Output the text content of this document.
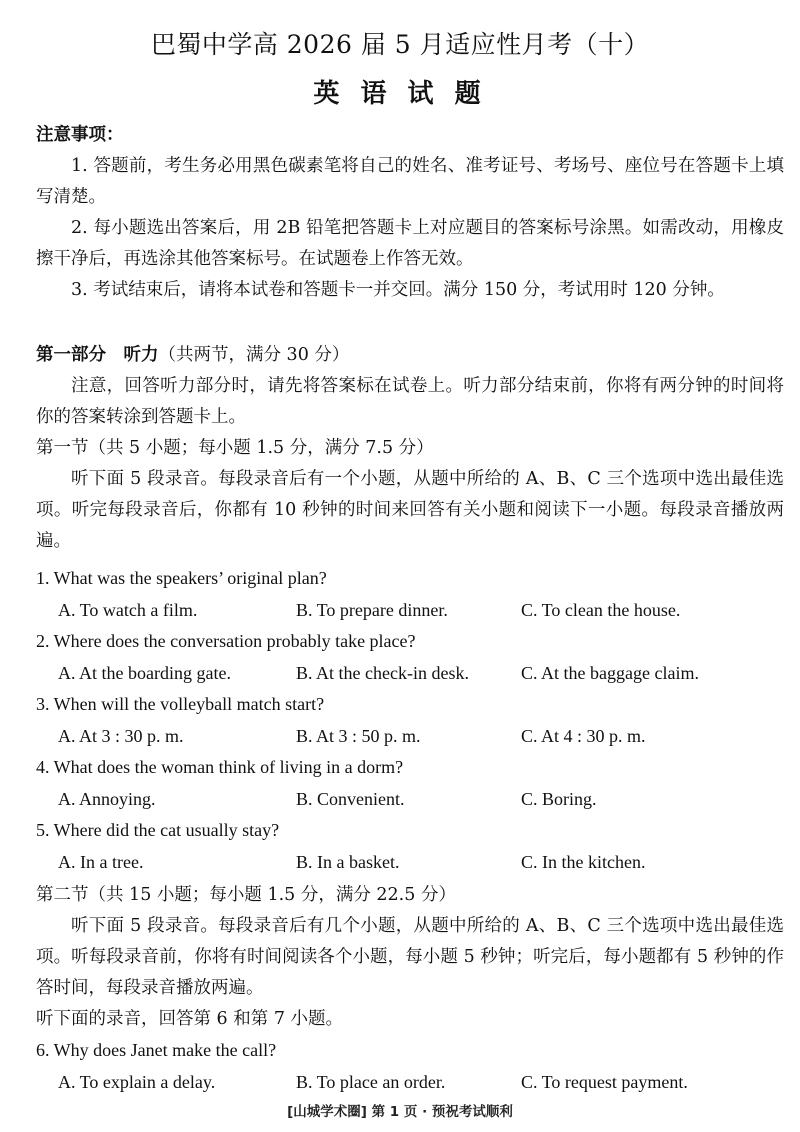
巴蜀中学高 2026 届 5 月适应性月考（十）
英 语 试 题

注意事项：

1. 答题前，考生务必用黑色碳素笔将自己的姓名、准考证号、考场号、座位号在答题卡上填写清楚。

2. 每小题选出答案后，用 2B 铅笔把答题卡上对应题目的答案标号涂黑。如需改动，用橡皮擦干净后，再选涂其他答案标号。在试题卷上作答无效。

3. 考试结束后，请将本试卷和答题卡一并交回。满分 150 分，考试用时 120 分钟。

第一部分　听力（共两节，满分 30 分）

注意，回答听力部分时，请先将答案标在试卷上。听力部分结束前，你将有两分钟的时间将你的答案转涂到答题卡上。

第一节（共 5 小题；每小题 1.5 分，满分 7.5 分）

听下面 5 段录音。每段录音后有一个小题，从题中所给的 A、B、C 三个选项中选出最佳选项。听完每段录音后，你都有 10 秒钟的时间来回答有关小题和阅读下一小题。每段录音播放两遍。

1. What was the speakers’ original plan?

A. To watch a film.	B. To prepare dinner.	C. To clean the house.

2. Where does the conversation probably take place?

A. At the boarding gate.	B. At the check-in desk.	C. At the baggage claim.

3. When will the volleyball match start?

A. At 3 : 30 p. m.	B. At 3 : 50 p. m.	C. At 4 : 30 p. m.

4. What does the woman think of living in a dorm?

A. Annoying.	B. Convenient.	C. Boring.

5. Where did the cat usually stay?

A. In a tree.	B. In a basket.	C. In the kitchen.

第二节（共 15 小题；每小题 1.5 分，满分 22.5 分）

听下面 5 段录音。每段录音后有几个小题，从题中所给的 A、B、C 三个选项中选出最佳选项。听每段录音前，你将有时间阅读各个小题，每小题 5 秒钟；听完后，每小题都有 5 秒钟的作答时间，每段录音播放两遍。

听下面的录音，回答第 6 和第 7 小题。

6. Why does Janet make the call?

A. To explain a delay.	B. To place an order.	C. To request payment.
[山城学术圈] 第 1 页 · 预祝考试顺利
